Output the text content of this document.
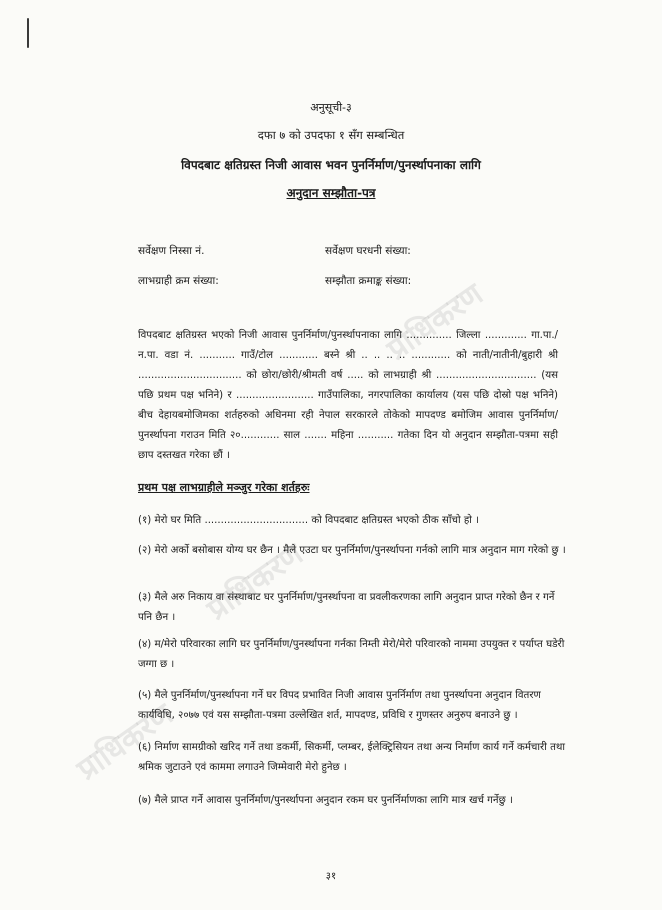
प्राधिकरण
प्राधिकरण
प्राधिकरण
अनुसूची-३
दफा ७ को उपदफा १ सँग सम्बन्धित
विपदबाट क्षतिग्रस्त निजी आवास भवन पुनर्निर्माण/पुनर्स्थापनाका लागि
अनुदान सम्झौता-पत्र
सर्वेक्षण निस्सा नं.	सर्वेक्षण घरधनी संख्या:
लाभग्राही क्रम संख्या:	सम्झौता क्रमाङ्क संख्या:
विपदबाट क्षतिग्रस्त भएको निजी आवास पुनर्निर्माण/पुनर्स्थापनाका लागि .............. जिल्ला ............. गा.पा./न.पा. वडा नं. ........... गाउँ/टोल ............ बस्ने श्री .. .. .. .. ............ को नाती/नातीनी/बुहारी श्री ................................ को छोरा/छोरी/श्रीमती वर्ष ..... को लाभग्राही श्री ............................... (यस पछि प्रथम पक्ष भनिने) र ........................ गाउँपालिका, नगरपालिका कार्यालय (यस पछि दोस्रो पक्ष भनिने) बीच देहायबमोजिमका शर्तहरुको अधिनमा रही नेपाल सरकारले तोकेको मापदण्ड बमोजिम आवास पुनर्निर्माण/पुनर्स्थापना गराउन मिति २०............ साल ....... महिना ........... गतेका दिन यो अनुदान सम्झौता-पत्रमा सही छाप दस्तखत गरेका छौं ।
प्रथम पक्ष लाभग्राहीले मञ्जुर गरेका शर्तहरुः
(१) मेरो घर मिति ................................ को विपदबाट क्षतिग्रस्त भएको ठीक साँचो हो ।
(२) मेरो अर्को बसोबास योग्य घर छैन । मैले एउटा घर पुनर्निर्माण/पुनर्स्थापना गर्नको लागि मात्र अनुदान माग गरेको छु ।
(३) मैले अरु निकाय वा संस्थाबाट घर पुनर्निर्माण/पुनर्स्थापना वा प्रवलीकरणका लागि अनुदान प्राप्त गरेको छैन र गर्ने पनि छैन ।
(४) म/मेरो परिवारका लागि घर पुनर्निर्माण/पुनर्स्थापना गर्नका निम्ती मेरो/मेरो परिवारको नाममा उपयुक्त र पर्याप्त घडेरी जग्गा छ ।
(५) मैले पुनर्निर्माण/पुनर्स्थापना गर्ने घर विपद प्रभावित निजी आवास पुनर्निर्माण तथा पुनर्स्थापना अनुदान वितरण कार्यविधि, २०७७ एवं यस सम्झौता-पत्रमा उल्लेखित शर्त, मापदण्ड, प्रविधि र गुणस्तर अनुरुप बनाउने छु ।
(६) निर्माण सामग्रीको खरिद गर्ने तथा डकर्मी, सिकर्मी, प्लम्बर, ईलेक्ट्रिसियन तथा अन्य निर्माण कार्य गर्ने कर्मचारी तथा श्रमिक जुटाउने एवं काममा लगाउने जिम्मेवारी मेरो हुनेछ ।
(७) मैले प्राप्त गर्ने आवास पुनर्निर्माण/पुनर्स्थापना अनुदान रकम घर पुनर्निर्माणका लागि मात्र खर्च गर्नेछु ।
३१
